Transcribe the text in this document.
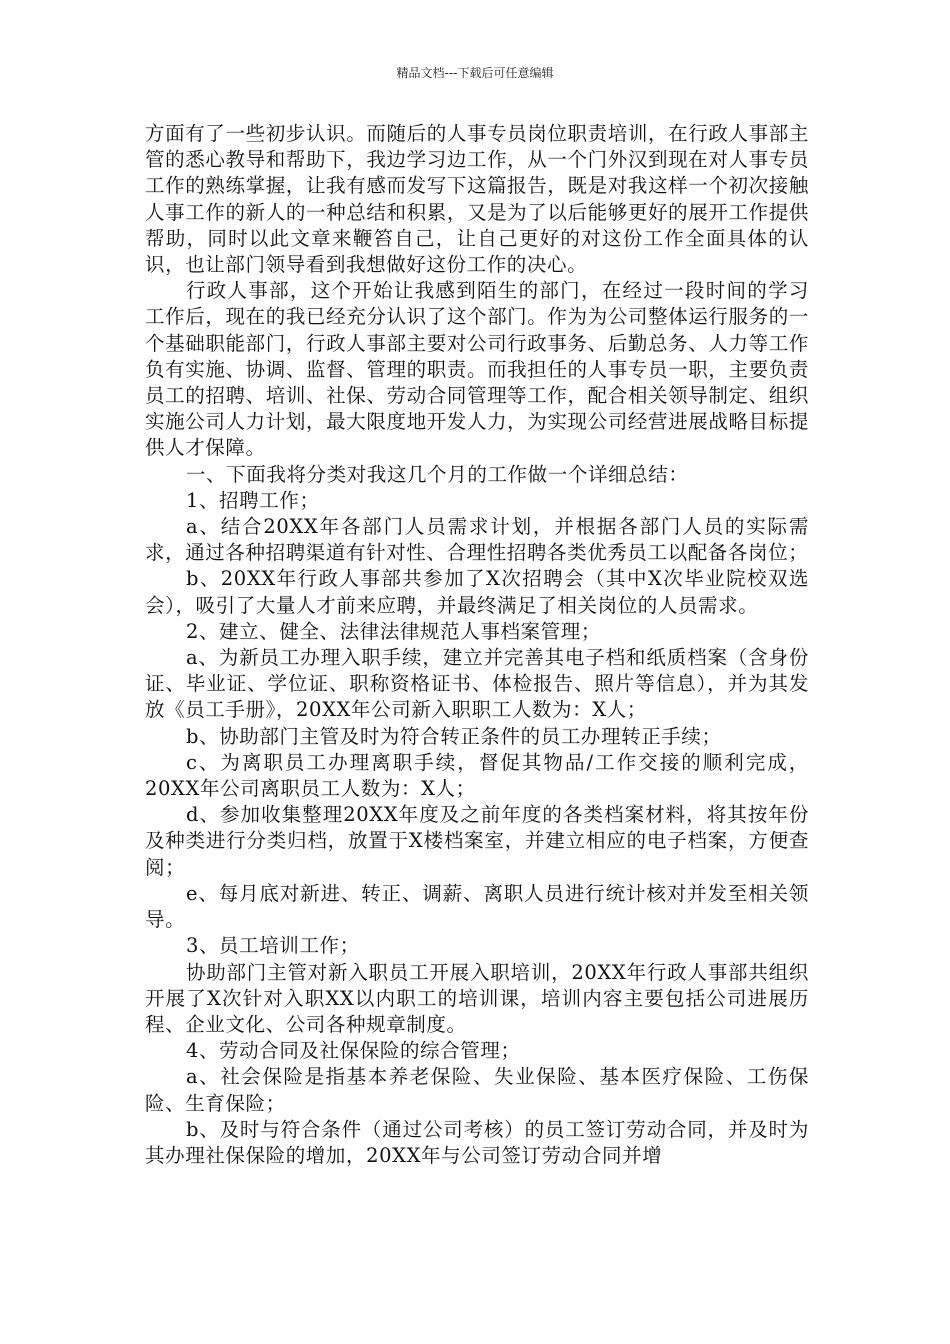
精品文档---下载后可任意编辑

方面有了一些初步认识。而随后的人事专员岗位职责培训，在行政人事部主管的悉心教导和帮助下，我边学习边工作，从一个门外汉到现在对人事专员工作的熟练掌握，让我有感而发写下这篇报告，既是对我这样一个初次接触人事工作的新人的一种总结和积累，又是为了以后能够更好的展开工作提供帮助，同时以此文章来鞭笞自己，让自己更好的对这份工作全面具体的认识，也让部门领导看到我想做好这份工作的决心。

行政人事部，这个开始让我感到陌生的部门，在经过一段时间的学习工作后，现在的我已经充分认识了这个部门。作为为公司整体运行服务的一个基础职能部门，行政人事部主要对公司行政事务、后勤总务、人力等工作负有实施、协调、监督、管理的职责。而我担任的人事专员一职，主要负责员工的招聘、培训、社保、劳动合同管理等工作，配合相关领导制定、组织实施公司人力计划，最大限度地开发人力，为实现公司经营进展战略目标提供人才保障。

一、下面我将分类对我这几个月的工作做一个详细总结：

1、招聘工作；

a、结合20XX年各部门人员需求计划，并根据各部门人员的实际需求，通过各种招聘渠道有针对性、合理性招聘各类优秀员工以配备各岗位；

b、20XX年行政人事部共参加了X次招聘会（其中X次毕业院校双选会），吸引了大量人才前来应聘，并最终满足了相关岗位的人员需求。

2、建立、健全、法律法律规范人事档案管理；

a、为新员工办理入职手续，建立并完善其电子档和纸质档案（含身份证、毕业证、学位证、职称资格证书、体检报告、照片等信息），并为其发放《员工手册》，20XX年公司新入职职工人数为：X人；

b、协助部门主管及时为符合转正条件的员工办理转正手续；

c、为离职员工办理离职手续，督促其物品/工作交接的顺利完成，20XX年公司离职员工人数为：X人；

d、参加收集整理20XX年度及之前年度的各类档案材料，将其按年份及种类进行分类归档，放置于X楼档案室，并建立相应的电子档案，方便查阅；

e、每月底对新进、转正、调薪、离职人员进行统计核对并发至相关领导。

3、员工培训工作；

协助部门主管对新入职员工开展入职培训，20XX年行政人事部共组织开展了X次针对入职XX以内职工的培训课，培训内容主要包括公司进展历程、企业文化、公司各种规章制度。

4、劳动合同及社保保险的综合管理；

a、社会保险是指基本养老保险、失业保险、基本医疗保险、工伤保险、生育保险；

b、及时与符合条件（通过公司考核）的员工签订劳动合同，并及时为其办理社保保险的增加，20XX年与公司签订劳动合同并增
